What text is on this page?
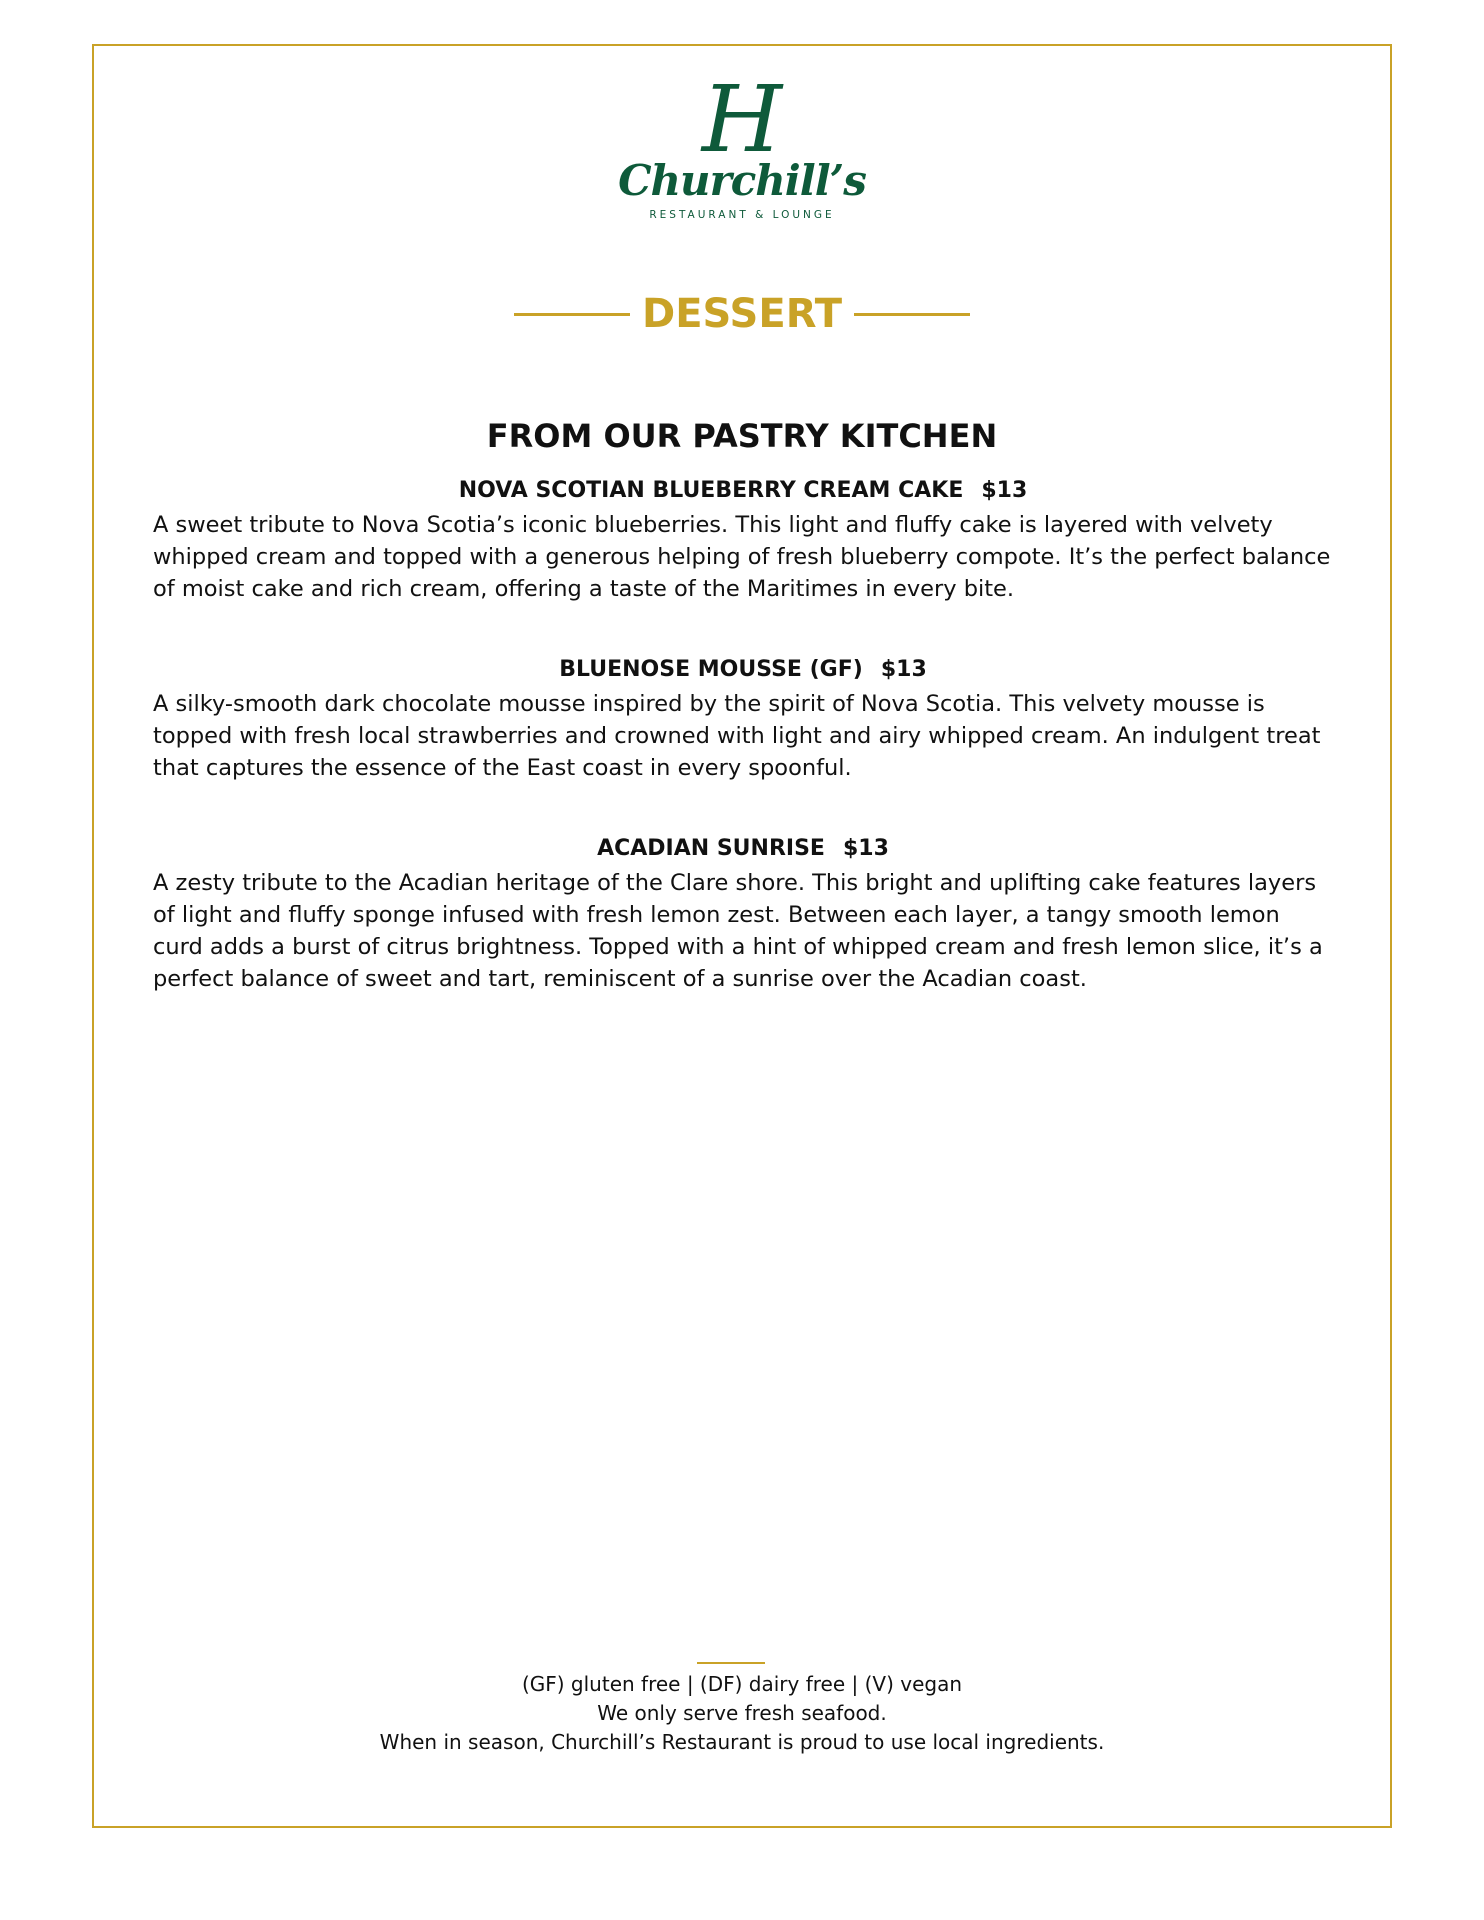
H
Churchill’s
RESTAURANT & LOUNGE
DESSERT
FROM OUR PASTRY KITCHEN
NOVA SCOTIAN BLUEBERRY CREAM CAKE $13

A sweet tribute to Nova Scotia’s iconic blueberries. This light and fluffy cake is layered with velvety whipped cream and topped with a generous helping of fresh blueberry compote. It’s the perfect balance of moist cake and rich cream, offering a taste of the Maritimes in every bite.

BLUENOSE MOUSSE (GF) $13

A silky-smooth dark chocolate mousse inspired by the spirit of Nova Scotia. This velvety mousse is topped with fresh local strawberries and crowned with light and airy whipped cream. An indulgent treat that captures the essence of the East coast in every spoonful.

ACADIAN SUNRISE $13

A zesty tribute to the Acadian heritage of the Clare shore. This bright and uplifting cake features layers of light and fluffy sponge infused with fresh lemon zest. Between each layer, a tangy smooth lemon curd adds a burst of citrus brightness. Topped with a hint of whipped cream and fresh lemon slice, it’s a perfect balance of sweet and tart, reminiscent of a sunrise over the Acadian coast.

(GF) gluten free | (DF) dairy free | (V) vegan
We only serve fresh seafood.
When in season, Churchill’s Restaurant is proud to use local ingredients.
